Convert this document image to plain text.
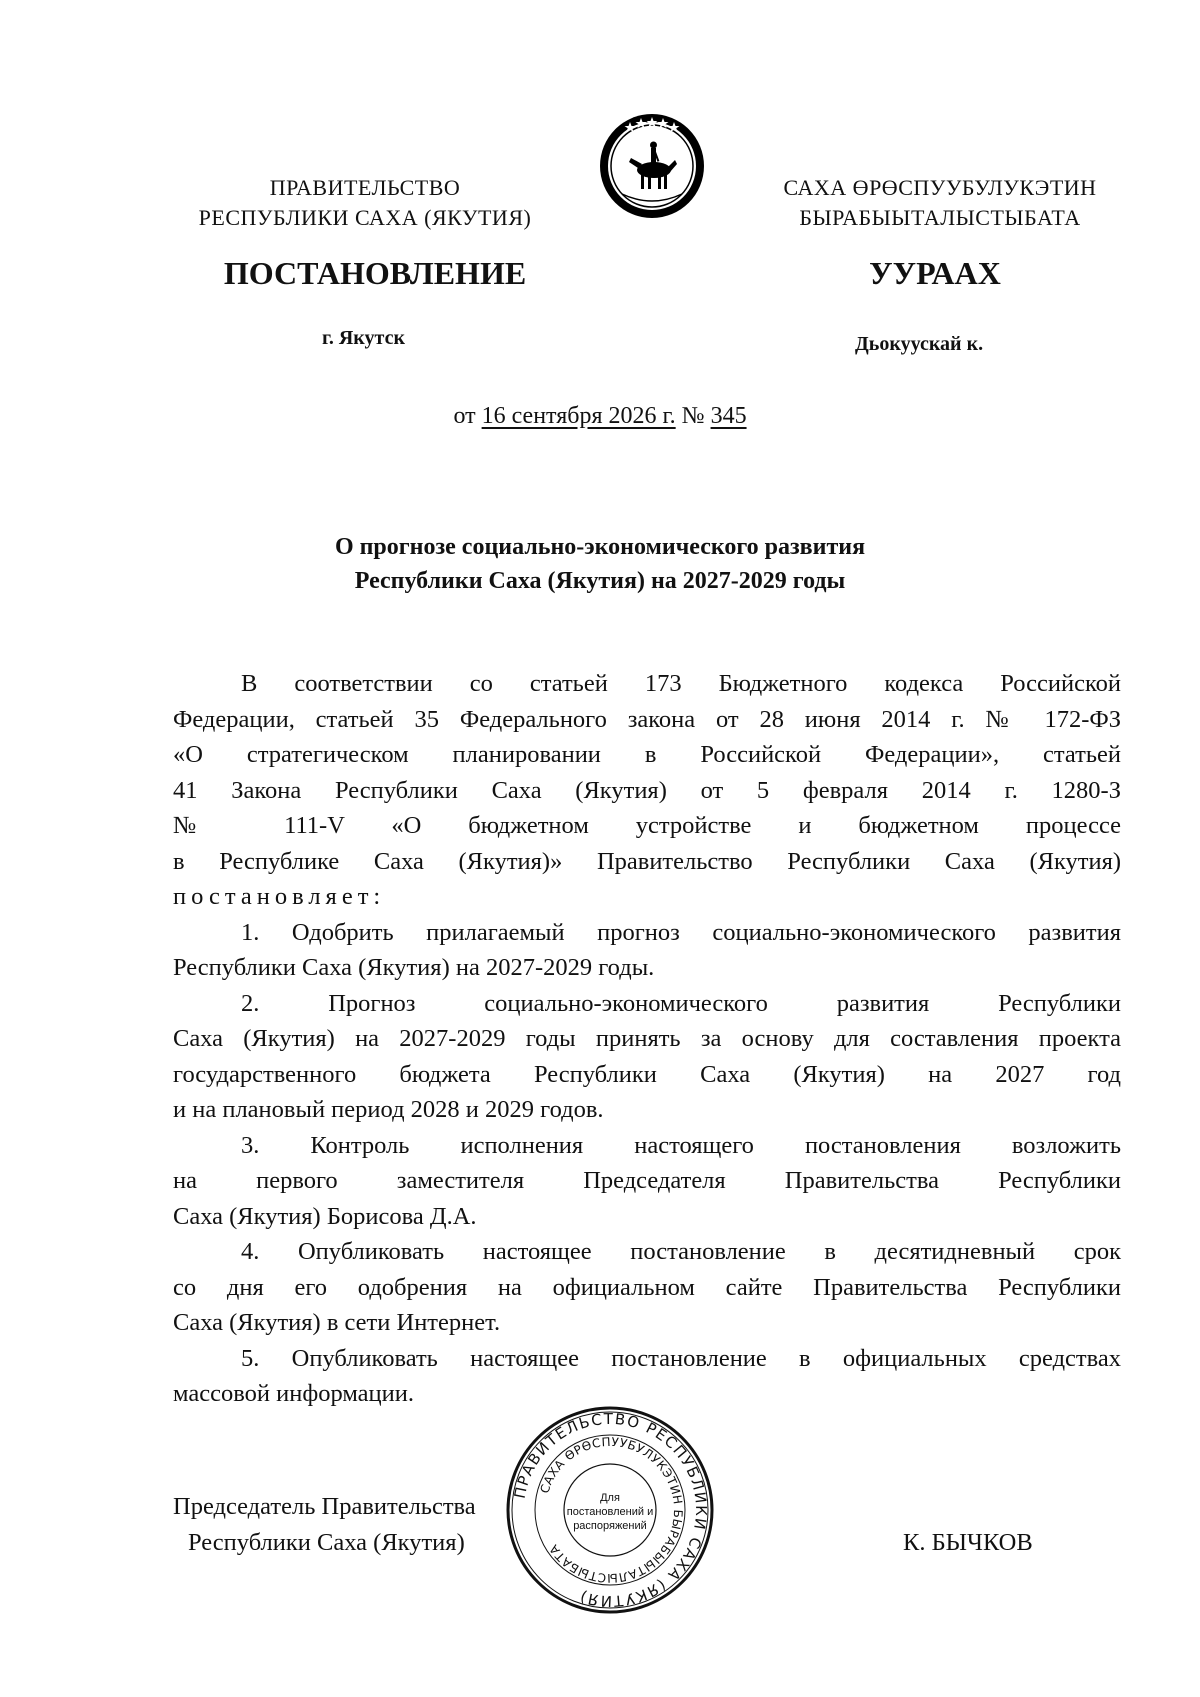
ПРАВИТЕЛЬСТВО
РЕСПУБЛИКИ САХА (ЯКУТИЯ)
САХА ӨРӨСПУУБУЛУКЭТИН
БЫРАБЫЫТАЛЫСТЫБАТА
ПОСТАНОВЛЕНИЕ	УУРААХ
г. Якутск	Дьокуускай к.
от 16 сентября 2026 г. № 345
О прогнозе социально-экономического развития
Республики Саха (Якутия) на 2027-2029 годы

В соответствии со статьей 173 Бюджетного кодекса Российской

Федерации, статьей 35 Федерального закона от 28 июня 2014 г. № 172-ФЗ

«О стратегическом планировании в Российской Федерации», статьей

41 Закона Республики Саха (Якутия) от 5 февраля 2014 г. 1280-З

№ 111-V «О бюджетном устройстве и бюджетном процессе

в Республике Саха (Якутия)» Правительство Республики Саха (Якутия)

постановляет:

1. Одобрить прилагаемый прогноз социально-экономического развития

Республики Саха (Якутия) на 2027-2029 годы.

2. Прогноз социально-экономического развития Республики

Саха (Якутия) на 2027-2029 годы принять за основу для составления проекта

государственного бюджета Республики Саха (Якутия) на 2027 год

и на плановый период 2028 и 2029 годов.

3. Контроль исполнения настоящего постановления возложить

на первого заместителя Председателя Правительства Республики

Саха (Якутия) Борисова Д.А.

4. Опубликовать настоящее постановление в десятидневный срок

со дня его одобрения на официальном сайте Правительства Республики

Саха (Якутия) в сети Интернет.

5. Опубликовать настоящее постановление в официальных средствах

массовой информации.

Председатель Правительства
Республики Саха (Якутия)	К. БЫЧКОВ
ПРАВИТЕЛЬСТВО РЕСПУБЛИКИ САХА (ЯКУТИЯ)
САХА ӨРӨСПУУБУЛУКЭТИН БЫРАБЫЫТАЛЫСТЫБАТА
Для
постановлений и
распоряжений
